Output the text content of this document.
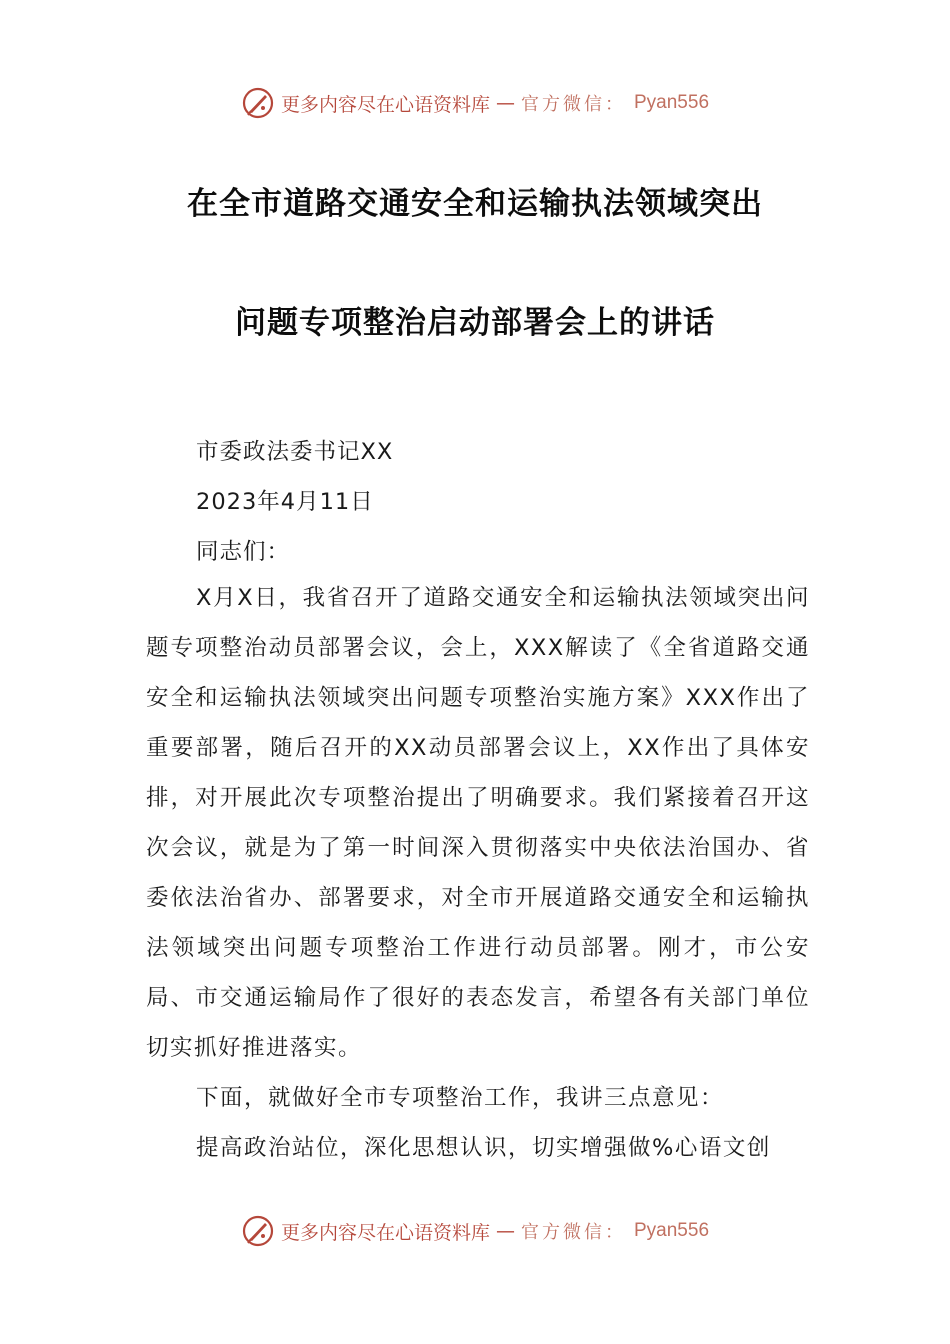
更多内容尽在心语资料库 — 官方微信： Pyan556
在全市道路交通安全和运输执法领域突出
问题专项整治启动部署会上的讲话
市委政法委书记XX
2023年4月11日
同志们：

X月X日，我省召开了道路交通安全和运输执法领域突出问题专项整治动员部署会议，会上，XXX解读了《全省道路交通安全和运输执法领域突出问题专项整治实施方案》XXX作出了重要部署，随后召开的XX动员部署会议上，XX作出了具体安排，对开展此次专项整治提出了明确要求。我们紧接着召开这次会议，就是为了第一时间深入贯彻落实中央依法治国办、省委依法治省办、部署要求，对全市开展道路交通安全和运输执法领域突出问题专项整治工作进行动员部署。刚才，市公安局、市交通运输局作了很好的表态发言，希望各有关部门单位切实抓好推进落实。

下面，就做好全市专项整治工作，我讲三点意见：

提高政治站位，深化思想认识，切实增强做%心语文创

更多内容尽在心语资料库 — 官方微信： Pyan556
